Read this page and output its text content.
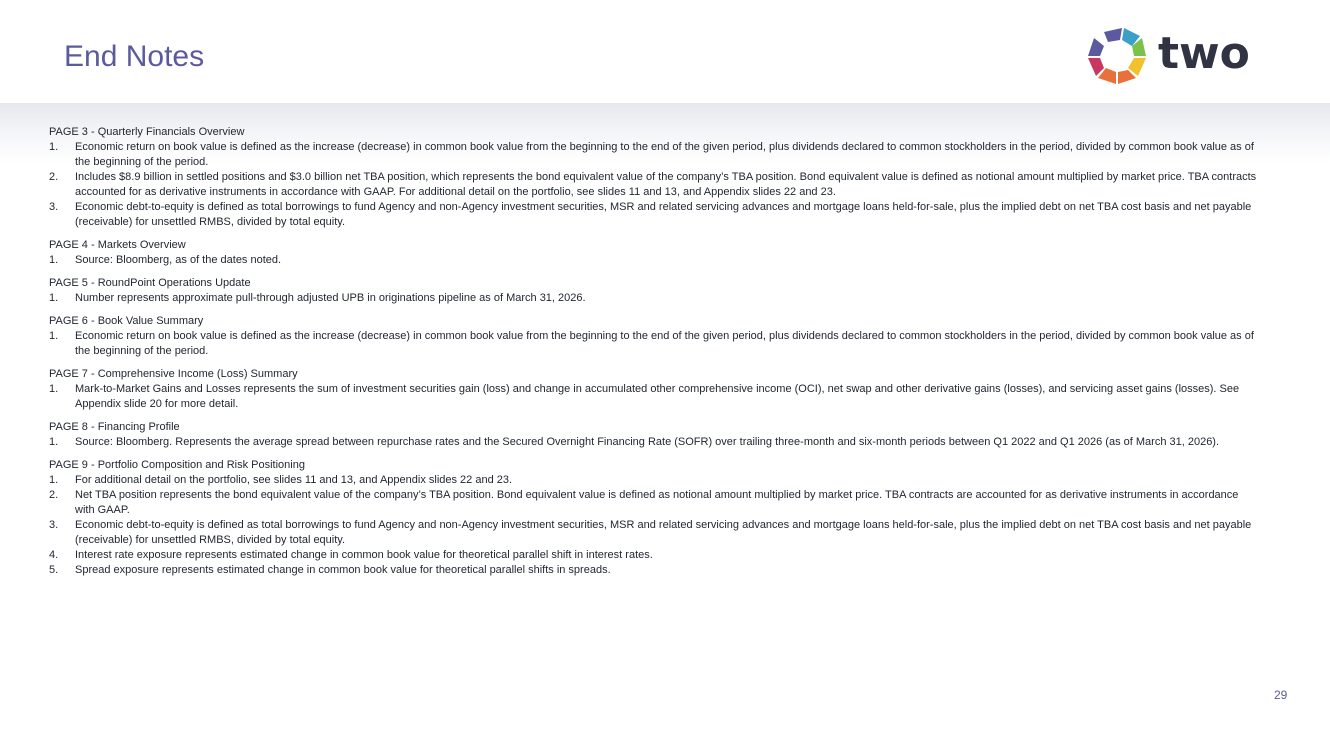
End Notes	two

PAGE 3 - Quarterly Financials Overview

1. Economic return on book value is defined as the increase (decrease) in common book value from the beginning to the end of the given period, plus dividends declared to common stockholders in the period, divided by common book value as of the beginning of the period.
2. Includes $8.9 billion in settled positions and $3.0 billion net TBA position, which represents the bond equivalent value of the company’s TBA position. Bond equivalent value is defined as notional amount multiplied by market price. TBA contracts accounted for as derivative instruments in accordance with GAAP. For additional detail on the portfolio, see slides 11 and 13, and Appendix slides 22 and 23.
3. Economic debt-to-equity is defined as total borrowings to fund Agency and non-Agency investment securities, MSR and related servicing advances and mortgage loans held-for-sale, plus the implied debt on net TBA cost basis and net payable (receivable) for unsettled RMBS, divided by total equity.

PAGE 4 - Markets Overview

1. Source: Bloomberg, as of the dates noted.

PAGE 5 - RoundPoint Operations Update

1. Number represents approximate pull-through adjusted UPB in originations pipeline as of March 31, 2026.

PAGE 6 - Book Value Summary

1. Economic return on book value is defined as the increase (decrease) in common book value from the beginning to the end of the given period, plus dividends declared to common stockholders in the period, divided by common book value as of the beginning of the period.

PAGE 7 - Comprehensive Income (Loss) Summary

1. Mark-to-Market Gains and Losses represents the sum of investment securities gain (loss) and change in accumulated other comprehensive income (OCI), net swap and other derivative gains (losses), and servicing asset gains (losses). See Appendix slide 20 for more detail.

PAGE 8 - Financing Profile

1. Source: Bloomberg. Represents the average spread between repurchase rates and the Secured Overnight Financing Rate (SOFR) over trailing three-month and six-month periods between Q1 2022 and Q1 2026 (as of March 31, 2026).

PAGE 9 - Portfolio Composition and Risk Positioning

1. For additional detail on the portfolio, see slides 11 and 13, and Appendix slides 22 and 23.
2. Net TBA position represents the bond equivalent value of the company’s TBA position. Bond equivalent value is defined as notional amount multiplied by market price. TBA contracts are accounted for as derivative instruments in accordance with GAAP.
3. Economic debt-to-equity is defined as total borrowings to fund Agency and non-Agency investment securities, MSR and related servicing advances and mortgage loans held-for-sale, plus the implied debt on net TBA cost basis and net payable (receivable) for unsettled RMBS, divided by total equity.
4. Interest rate exposure represents estimated change in common book value for theoretical parallel shift in interest rates.
5. Spread exposure represents estimated change in common book value for theoretical parallel shifts in spreads.
29
